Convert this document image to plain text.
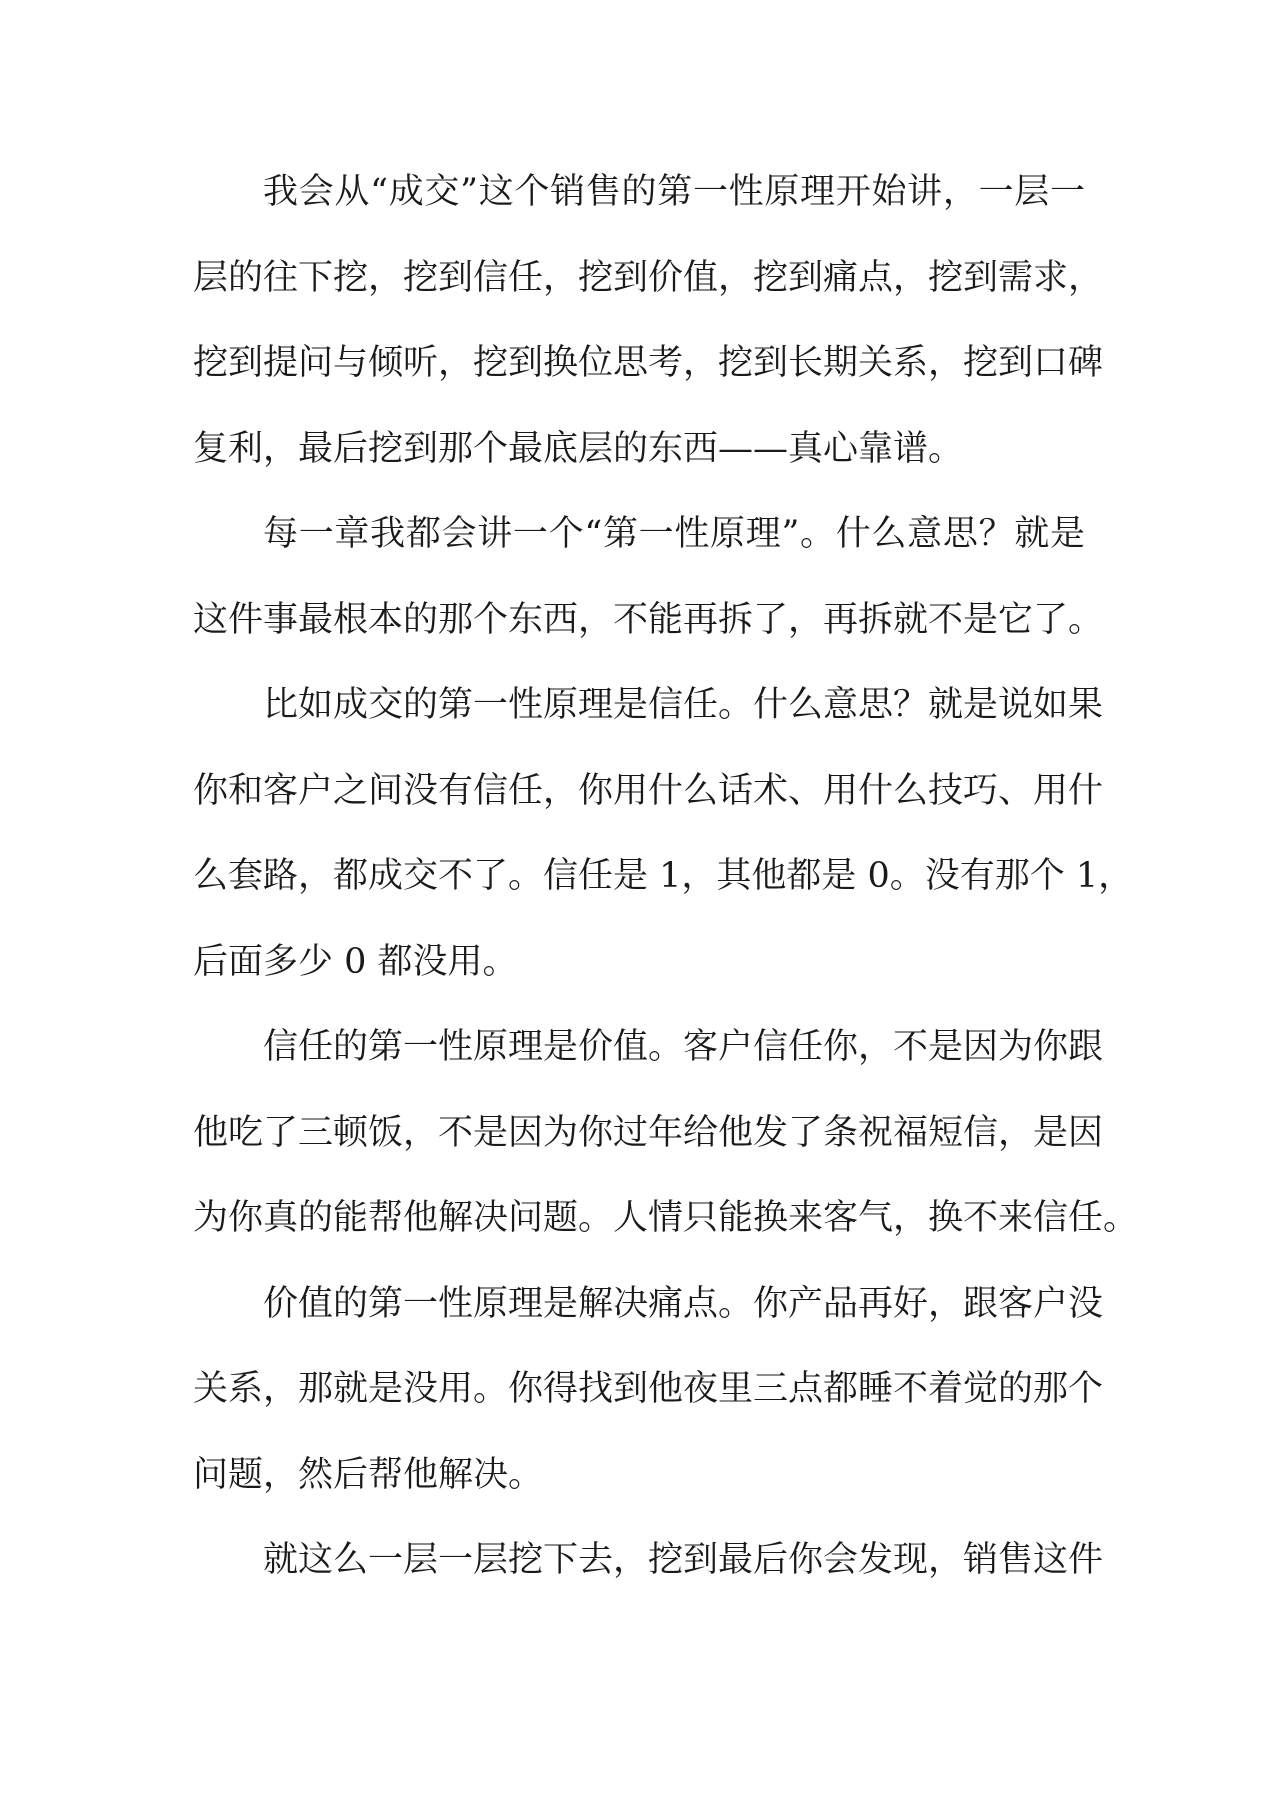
我会从“成交”这个销售的第一性原理开始讲，一层一
层的往下挖，挖到信任，挖到价值，挖到痛点，挖到需求，
挖到提问与倾听，挖到换位思考，挖到长期关系，挖到口碑
复利，最后挖到那个最底层的东西——真心靠谱。
每一章我都会讲一个“第一性原理”。什么意思？就是
这件事最根本的那个东西，不能再拆了，再拆就不是它了。
比如成交的第一性原理是信任。什么意思？就是说如果
你和客户之间没有信任，你用什么话术、用什么技巧、用什
么套路，都成交不了。信任是 1，其他都是 0。没有那个 1，
后面多少 0 都没用。
信任的第一性原理是价值。客户信任你，不是因为你跟
他吃了三顿饭，不是因为你过年给他发了条祝福短信，是因
为你真的能帮他解决问题。人情只能换来客气，换不来信任。
价值的第一性原理是解决痛点。你产品再好，跟客户没
关系，那就是没用。你得找到他夜里三点都睡不着觉的那个
问题，然后帮他解决。
就这么一层一层挖下去，挖到最后你会发现，销售这件
